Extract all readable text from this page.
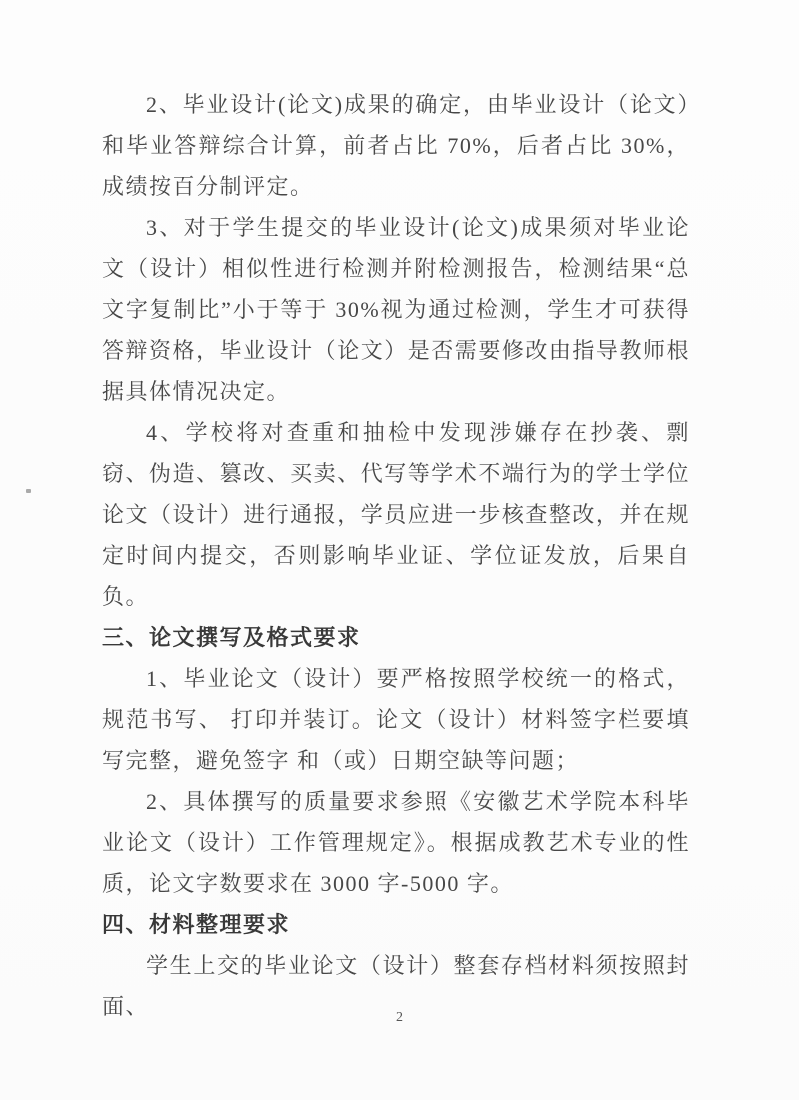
2、毕业设计(论文)成果的确定，由毕业设计（论文）和毕业答辩综合计算，前者占比 70%，后者占比 30%，成绩按百分制评定。

3、对于学生提交的毕业设计(论文)成果须对毕业论文（设计）相似性进行检测并附检测报告，检测结果“总文字复制比”小于等于 30%视为通过检测，学生才可获得答辩资格，毕业设计（论文）是否需要修改由指导教师根据具体情况决定。

4、学校将对查重和抽检中发现涉嫌存在抄袭、剽窃、伪造、篡改、买卖、代写等学术不端行为的学士学位论文（设计）进行通报，学员应进一步核查整改，并在规定时间内提交，否则影响毕业证、学位证发放，后果自负。

三、论文撰写及格式要求

1、毕业论文（设计）要严格按照学校统一的格式，规范书写、 打印并装订。论文（设计）材料签字栏要填写完整，避免签字 和（或）日期空缺等问题；

2、具体撰写的质量要求参照《安徽艺术学院本科毕业论文（设计）工作管理规定》。根据成教艺术专业的性质，论文字数要求在 3000 字-5000 字。

四、材料整理要求

学生上交的毕业论文（设计）整套存档材料须按照封面、	2
